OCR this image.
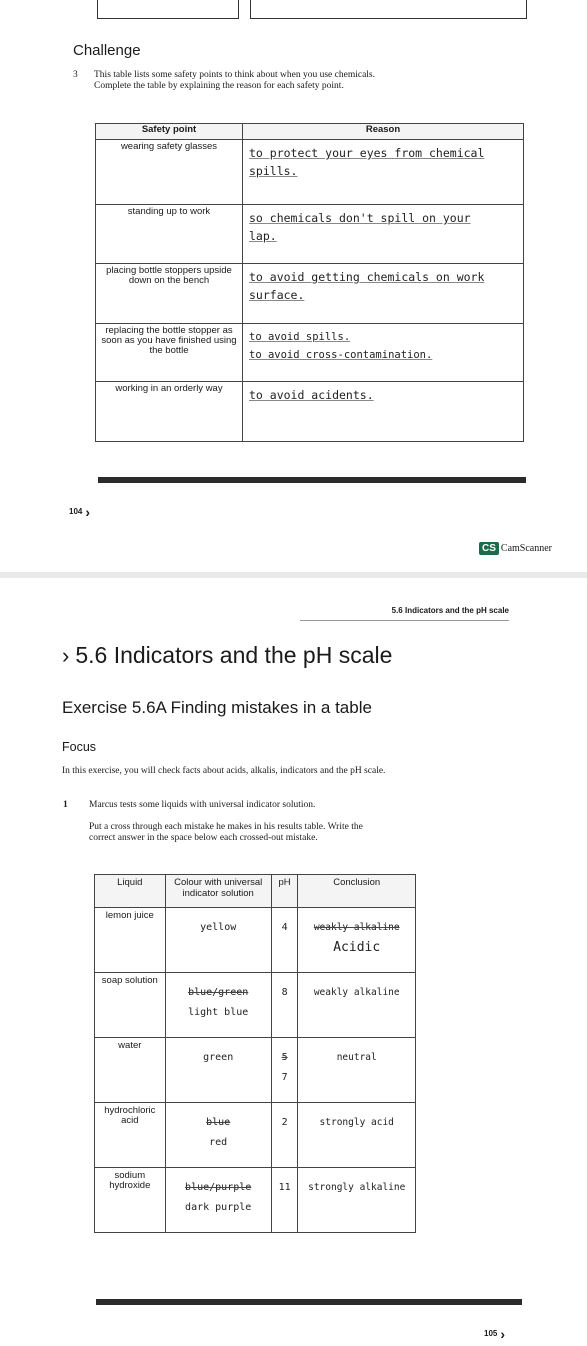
Challenge
3 This table lists some safety points to think about when you use chemicals. Complete the table by explaining the reason for each safety point.
Safety point	Reason
wearing safety glasses	to protect your eyes from chemical
spills.

standing up to work	so chemicals don't spill on your
lap.

placing bottle stoppers upside down on the bench	to avoid getting chemicals on work
surface.

replacing the bottle stopper as soon as you have finished using the bottle	to avoid spills.
to avoid cross-contamination.

working in an orderly way	to avoid acidents.
104 ›
CS CamScanner
5.6 Indicators and the pH scale
› 5.6 Indicators and the pH scale
Exercise 5.6A Finding mistakes in a table
Focus
In this exercise, you will check facts about acids, alkalis, indicators and the pH scale.
1 Marcus tests some liquids with universal indicator solution.
Put a cross through each mistake he makes in his results table. Write the correct answer in the space below each crossed-out mistake.
Liquid	Colour with universal indicator solution	pH	Conclusion
lemon juice	yellow	4	weakly alkaline
Acidic

soap solution	blue/green
light blue	8	weakly alkaline

water	green	5
7	neutral

hydrochloric acid	blue
red	2	strongly acid

sodium hydroxide	blue/purple
dark purple	11	strongly alkaline
105 ›
